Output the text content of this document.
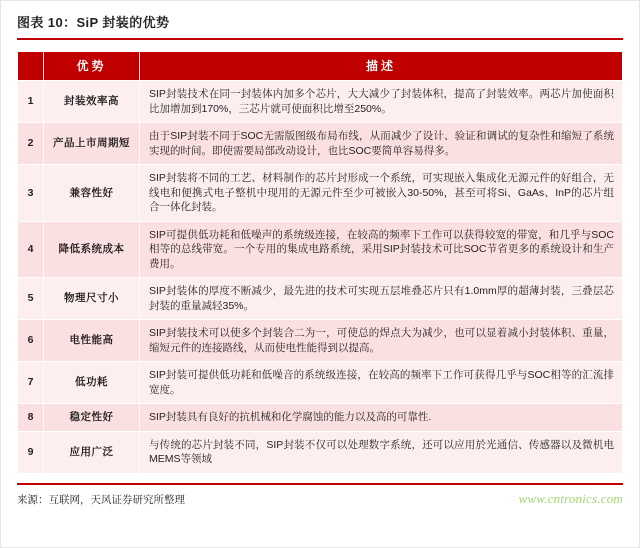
图表 10：SiP 封装的优势
	优势	描述
1	封装效率高	SIP封装技术在同一封装体内加多个芯片，大大减少了封装体积，提高了封装效率。两芯片加使面积比加增加到170%，三芯片就可使面积比增至250%。
2	产品上市周期短	由于SIP封装不同于SOC无需版图级布局布线，从而减少了设计、验证和调试的复杂性和缩短了系统实现的时间。即使需要局部改动设计，也比SOC要简单容易得多。
3	兼容性好	SIP封装将不同的工艺、材料制作的芯片封形成一个系统，可实现嵌入集成化无源元件的好组合，无线电和便携式电子整机中现用的无源元件至少可被嵌入30-50%，甚至可将Si、GaAs、InP的芯片组合一体化封装。
4	降低系统成本	SIP可提供低功耗和低噪声的系统级连接，在较高的频率下工作可以获得较宽的带宽，和几乎与SOC相等的总线带宽。一个专用的集成电路系统，采用SIP封装技术可比SOC节省更多的系统设计和生产费用。
5	物理尺寸小	SIP封装体的厚度不断减少，最先进的技术可实现五层堆叠芯片只有1.0mm厚的超薄封装，三叠层芯封装的重量减轻35%。
6	电性能高	SIP封装技术可以使多个封装合二为一，可使总的焊点大为减少，也可以显着减小封装体积、重量，缩短元件的连接路线，从而使电性能得到以提高。
7	低功耗	SIP封装可提供低功耗和低噪音的系统级连接，在较高的频率下工作可获得几乎与SOC相等的汇流排宽度。
8	稳定性好	SIP封装具有良好的抗机械和化学腐蚀的能力以及高的可靠性.
9	应用广泛	与传统的芯片封装不同，SIP封装不仅可以处理数字系统，还可以应用於光通信、传感器以及微机电MEMS等领域
来源：互联网，天风证券研究所整理	www.cntronics.com
